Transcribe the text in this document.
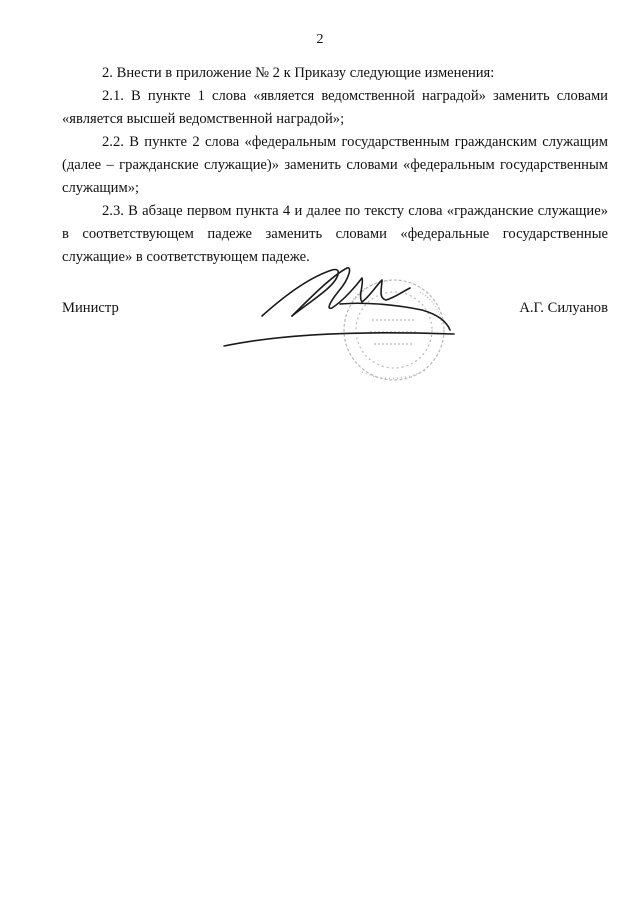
2

2. Внести в приложение № 2 к Приказу следующие изменения:

2.1. В пункте 1 слова «является ведомственной наградой» заменить словами «является высшей ведомственной наградой»;

2.2. В пункте 2 слова «федеральным государственным гражданским служащим (далее – гражданские служащие)» заменить словами «федеральным государственным служащим»;

2.3. В абзаце первом пункта 4 и далее по тексту слова «гражданские служащие» в соответствующем падеже заменить словами «федеральные государственные служащие» в соответствующем падеже.

Министр	А.Г. Силуанов
